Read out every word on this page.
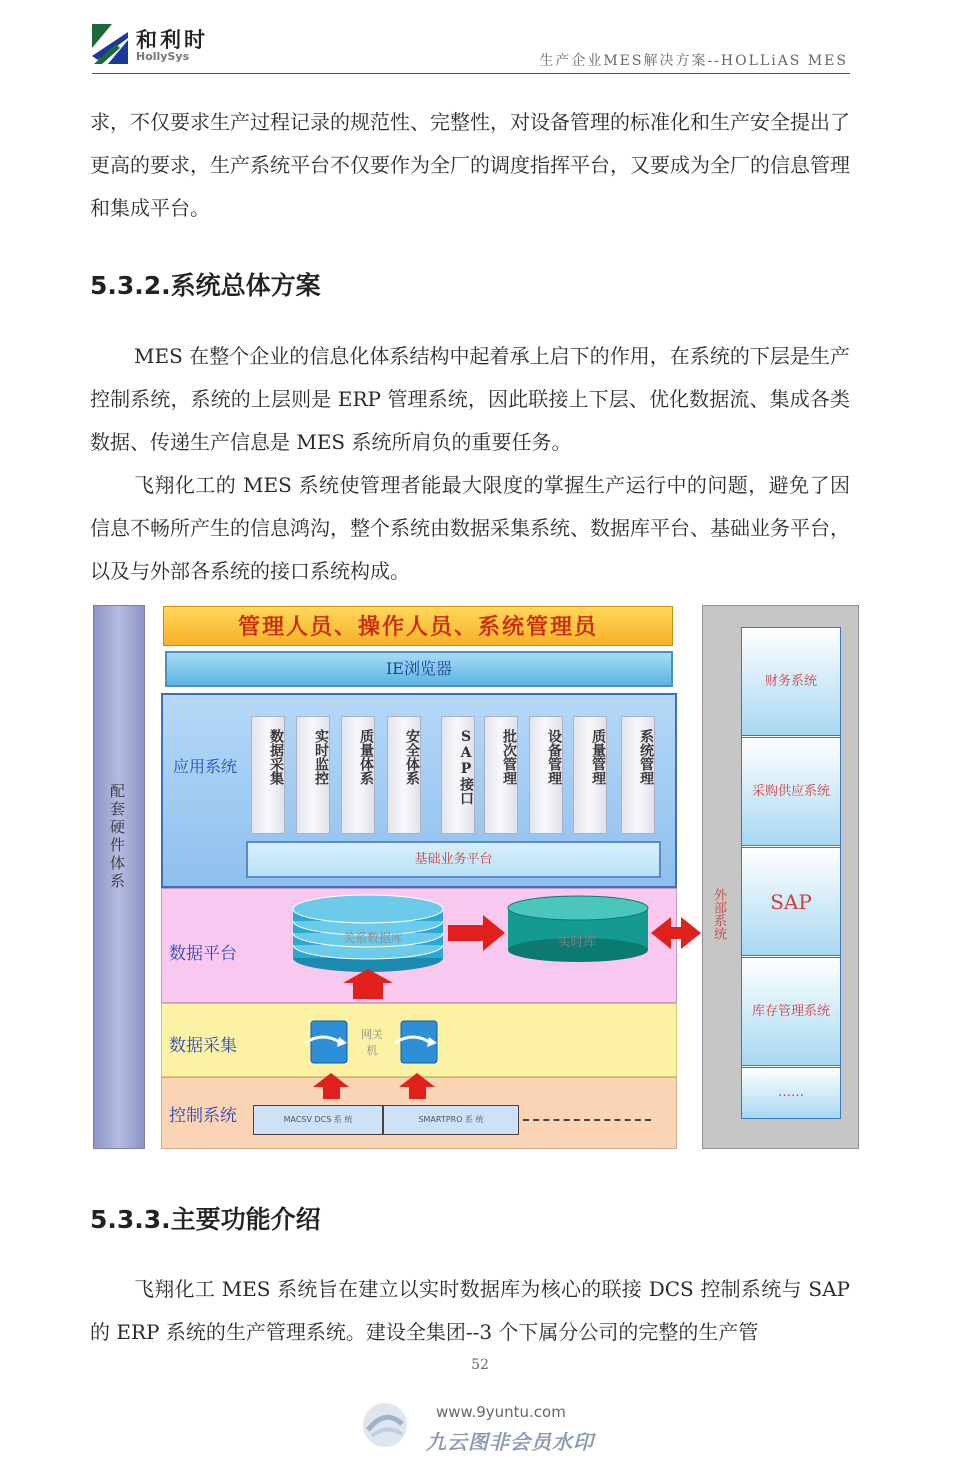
和利时
HollySys	生产企业MES解决方案--HOLLiAS MES

求，不仅要求生产过程记录的规范性、完整性，对设备管理的标准化和生产安全提出了更高的要求，生产系统平台不仅要作为全厂的调度指挥平台，又要成为全厂的信息管理和集成平台。

5.3.2.系统总体方案

MES 在整个企业的信息化体系结构中起着承上启下的作用，在系统的下层是生产控制系统，系统的上层则是 ERP 管理系统，因此联接上下层、优化数据流、集成各类数据、传递生产信息是 MES 系统所肩负的重要任务。

飞翔化工的 MES 系统使管理者能最大限度的掌握生产运行中的问题，避免了因信息不畅所产生的信息鸿沟，整个系统由数据采集系统、数据库平台、基础业务平台，以及与外部各系统的接口系统构成。

配套硬件体系
管理人员、操作人员、系统管理员
IE浏览器
应用系统	数据采集	实时监控	质量体系	安全体系	SAP接口	批次管理	设备管理	质量管理	系统管理
基础业务平台
数据平台
数据采集
控制系统
关系数据库	实时库
网关机
MACSV DCS 系 统	SMARTPRO 系 统
财务系统
采购供应系统
SAP
库存管理系统
……
外部系统
5.3.3.主要功能介绍

飞翔化工 MES 系统旨在建立以实时数据库为核心的联接 DCS 控制系统与 SAP 的 ERP 系统的生产管理系统。建设全集团--3 个下属分公司的完整的生产管

52
www.9yuntu.com
九云图非会员水印
